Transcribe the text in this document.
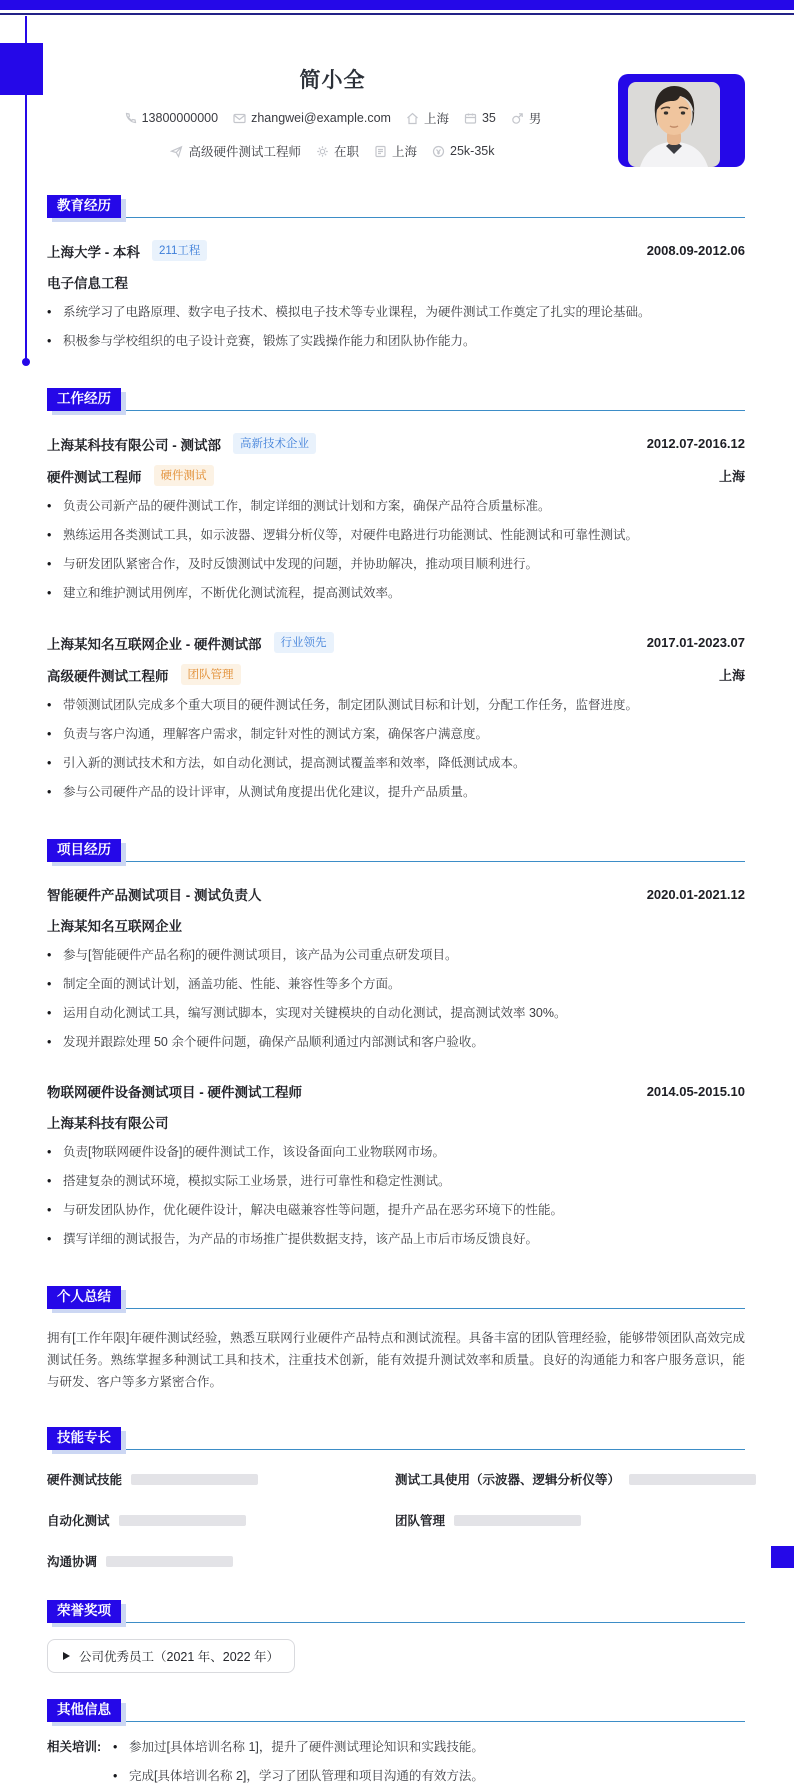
简小全
13800000000	zhangwei@example.com	上海	35	男
高级硬件测试工程师	在职	上海	25k-35k
教育经历
上海大学 - 本科	211工程	2008.09-2012.06
电子信息工程
• 系统学习了电路原理、数字电子技术、模拟电子技术等专业课程，为硬件测试工作奠定了扎实的理论基础。
• 积极参与学校组织的电子设计竞赛，锻炼了实践操作能力和团队协作能力。
工作经历
上海某科技有限公司 - 测试部	高新技术企业	2012.07-2016.12
硬件测试工程师	硬件测试	上海
• 负责公司新产品的硬件测试工作，制定详细的测试计划和方案，确保产品符合质量标准。
• 熟练运用各类测试工具，如示波器、逻辑分析仪等，对硬件电路进行功能测试、性能测试和可靠性测试。
• 与研发团队紧密合作，及时反馈测试中发现的问题，并协助解决，推动项目顺利进行。
• 建立和维护测试用例库，不断优化测试流程，提高测试效率。
上海某知名互联网企业 - 硬件测试部	行业领先	2017.01-2023.07
高级硬件测试工程师	团队管理	上海
• 带领测试团队完成多个重大项目的硬件测试任务，制定团队测试目标和计划，分配工作任务，监督进度。
• 负责与客户沟通，理解客户需求，制定针对性的测试方案，确保客户满意度。
• 引入新的测试技术和方法，如自动化测试，提高测试覆盖率和效率，降低测试成本。
• 参与公司硬件产品的设计评审，从测试角度提出优化建议，提升产品质量。
项目经历
智能硬件产品测试项目 - 测试负责人	2020.01-2021.12
上海某知名互联网企业
• 参与[智能硬件产品名称]的硬件测试项目，该产品为公司重点研发项目。
• 制定全面的测试计划，涵盖功能、性能、兼容性等多个方面。
• 运用自动化测试工具，编写测试脚本，实现对关键模块的自动化测试，提高测试效率 30%。
• 发现并跟踪处理 50 余个硬件问题，确保产品顺利通过内部测试和客户验收。
物联网硬件设备测试项目 - 硬件测试工程师	2014.05-2015.10
上海某科技有限公司
• 负责[物联网硬件设备]的硬件测试工作，该设备面向工业物联网市场。
• 搭建复杂的测试环境，模拟实际工业场景，进行可靠性和稳定性测试。
• 与研发团队协作，优化硬件设计，解决电磁兼容性等问题，提升产品在恶劣环境下的性能。
• 撰写详细的测试报告，为产品的市场推广提供数据支持，该产品上市后市场反馈良好。
个人总结
拥有[工作年限]年硬件测试经验，熟悉互联网行业硬件产品特点和测试流程。具备丰富的团队管理经验，能够带领团队高效完成测试任务。熟练掌握多种测试工具和技术，注重技术创新，能有效提升测试效率和质量。良好的沟通能力和客户服务意识，能与研发、客户等多方紧密合作。
技能专长
硬件测试技能	测试工具使用（示波器、逻辑分析仪等）
自动化测试	团队管理
沟通协调
荣誉奖项
公司优秀员工（2021 年、2022 年）
其他信息
相关培训: • 参加过[具体培训名称 1]，提升了硬件测试理论知识和实践技能。
• 完成[具体培训名称 2]，学习了团队管理和项目沟通的有效方法。
